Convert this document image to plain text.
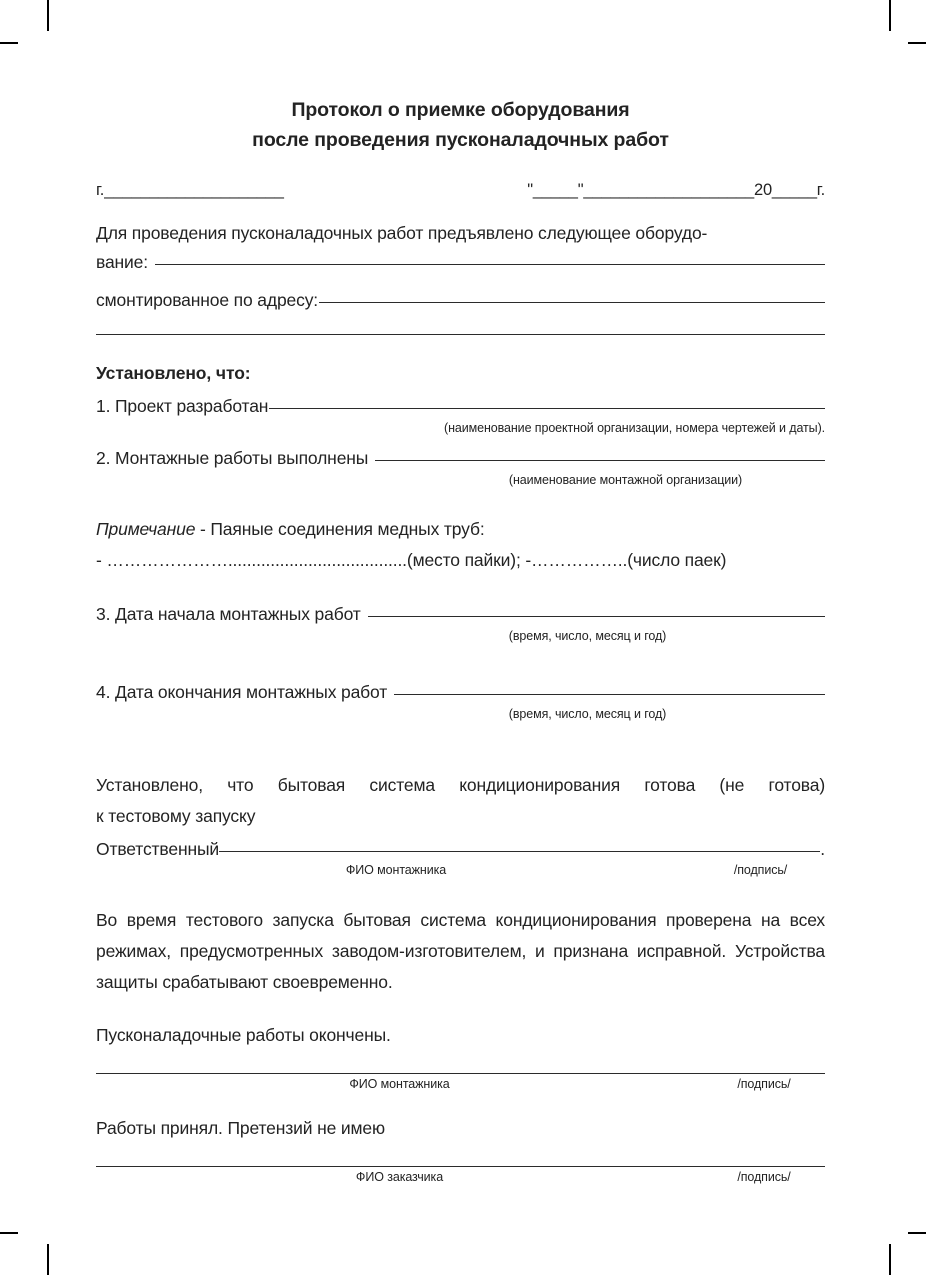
Протокол о приемке оборудования
после проведения пусконаладочных работ
г.____________________	"_____"___________________20_____г.
Для проведения пусконаладочных работ предъявлено следующее оборудо-
вание:
смонтированное по адресу:
Установлено, что:
1. Проект разработан
(наименование проектной организации, номера чертежей и даты).
2. Монтажные работы выполнены
(наименование монтажной организации)
Примечание - Паяные соединения медных труб:
- …………………......................................(место пайки); -……………..(число паек)
3. Дата начала монтажных работ
(время, число, месяц и год)
4. Дата окончания монтажных работ
(время, число, месяц и год)
Установлено, что бытовая система кондиционирования готова (не готова)
к тестовому запуску
Ответственный	.
ФИО монтажника	/подпись/
Во время тестового запуска бытовая система кондиционирования проверена на всех режимах, предусмотренных заводом-изготовителем, и признана исправной. Устройства защиты срабатывают своевременно.
Пусконаладочные работы окончены.
ФИО монтажника	/подпись/
Работы принял. Претензий не имею
ФИО заказчика	/подпись/
